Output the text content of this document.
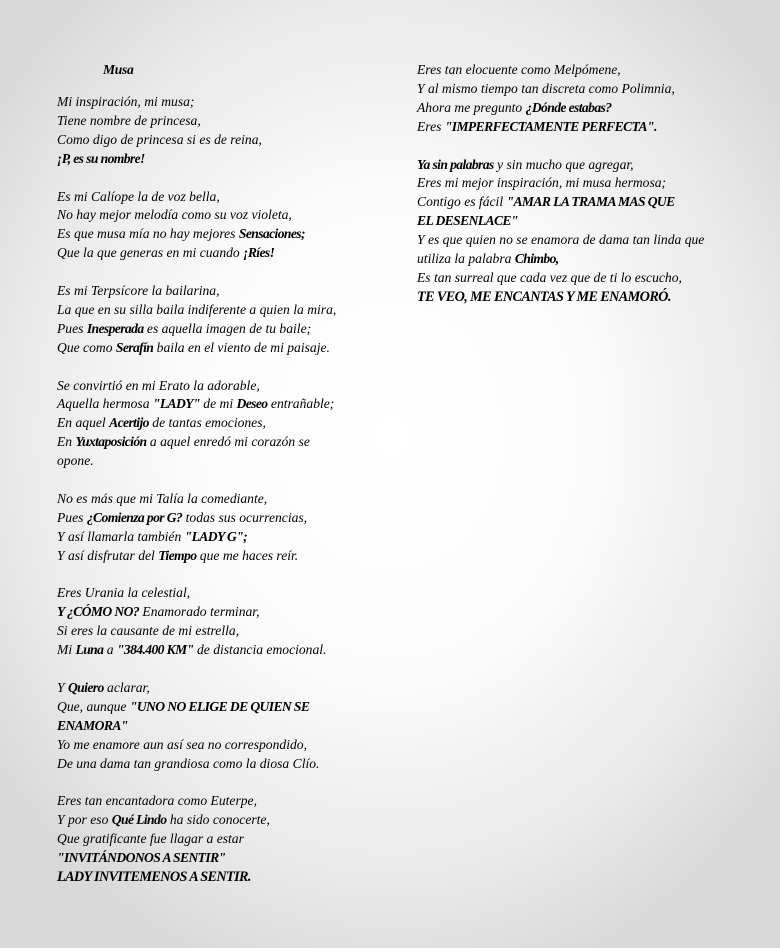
Musa
Mi inspiración, mi musa;
Tiene nombre de princesa,
Como digo de princesa si es de reina,
¡P, es su nombre!
Es mi Calíope la de voz bella,
No hay mejor melodía como su voz violeta,
Es que musa mía no hay mejores Sensaciones;
Que la que generas en mi cuando ¡Ríes!
Es mi Terpsícore la bailarina,
La que en su silla baila indiferente a quien la mira,
Pues Inesperada es aquella imagen de tu baile;
Que como Serafín baila en el viento de mi paisaje.
Se convirtió en mi Erato la adorable,
Aquella hermosa "LADY" de mi Deseo entrañable;
En aquel Acertijo de tantas emociones,
En Yuxtaposición a aquel enredó mi corazón se
opone.
No es más que mi Talía la comediante,
Pues ¿Comienza por G? todas sus ocurrencias,
Y así llamarla también "LADY G";
Y así disfrutar del Tiempo que me haces reír.
Eres Urania la celestial,
Y ¿CÓMO NO? Enamorado terminar,
Si eres la causante de mi estrella,
Mi Luna a "384.400 KM" de distancia emocional.
Y Quiero aclarar,
Que, aunque "UNO NO ELIGE DE QUIEN SE
ENAMORA"
Yo me enamore aun así sea no correspondido,
De una dama tan grandiosa como la diosa Clío.
Eres tan encantadora como Euterpe,
Y por eso Qué Lindo ha sido conocerte,
Que gratificante fue llagar a estar
"INVITÁNDONOS A SENTIR"
LADY INVITEMENOS A SENTIR.
Eres tan elocuente como Melpómene,
Y al mismo tiempo tan discreta como Polimnia,
Ahora me pregunto ¿Dónde estabas?
Eres "IMPERFECTAMENTE PERFECTA".
Ya sin palabras y sin mucho que agregar,
Eres mi mejor inspiración, mi musa hermosa;
Contigo es fácil "AMAR LA TRAMA MAS QUE
EL DESENLACE"
Y es que quien no se enamora de dama tan linda que
utiliza la palabra Chimbo,
Es tan surreal que cada vez que de ti lo escucho,
TE VEO, ME ENCANTAS Y ME ENAMORÓ.
